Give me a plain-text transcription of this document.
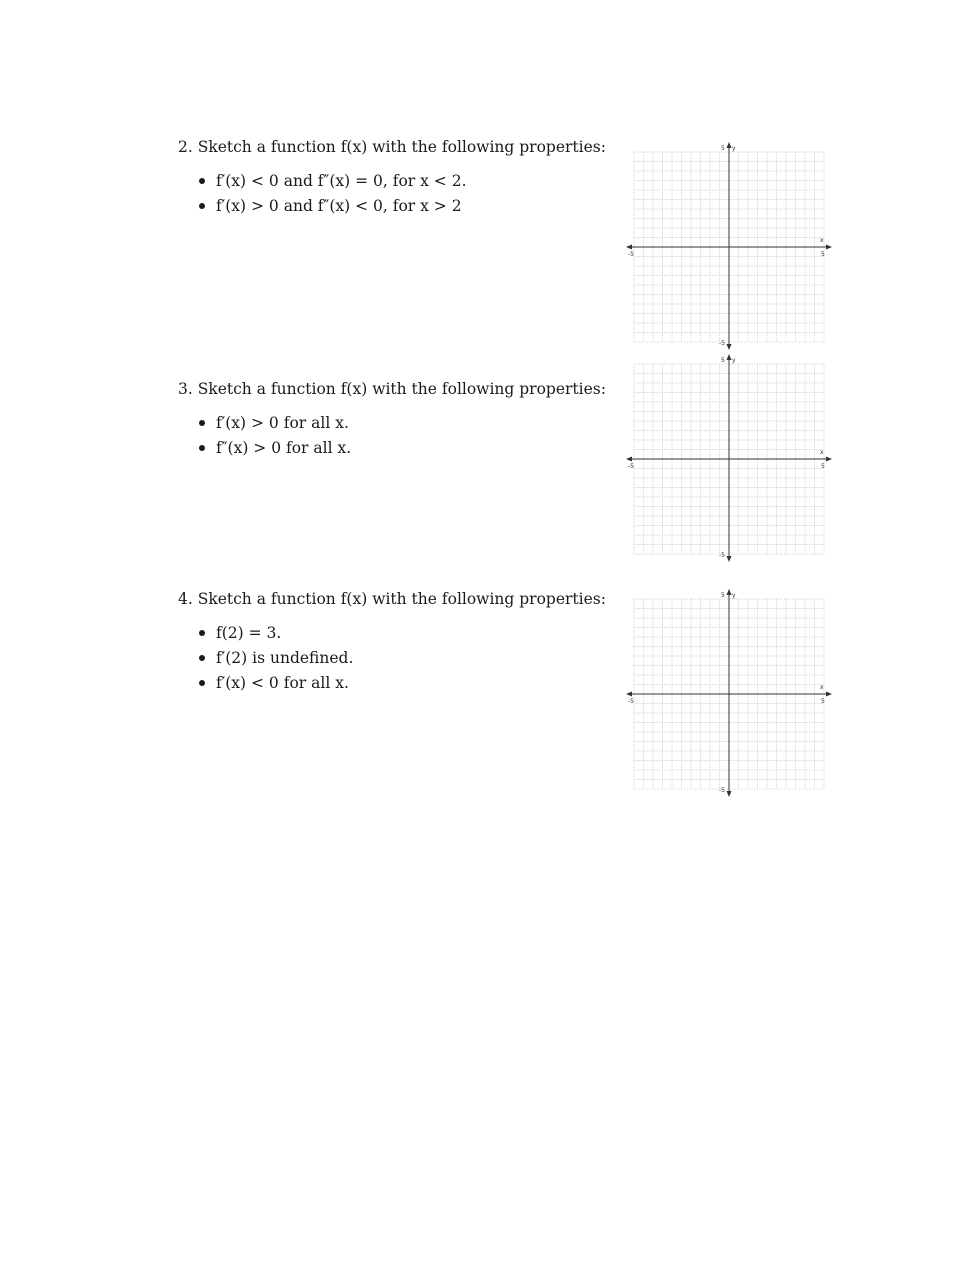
2. Sketch a function f(x) with the following properties:

f′(x) < 0 and f″(x) = 0, for x < 2.
f′(x) > 0 and f″(x) < 0, for x > 2

3. Sketch a function f(x) with the following properties:

f′(x) > 0 for all x.
f″(x) > 0 for all x.

4. Sketch a function f(x) with the following properties:

f(2) = 3.
f′(2) is undefined.
f′(x) < 0 for all x.
x
y
5
-5
-5	5
x
y
5
-5
-5	5
x
y
5
-5
-5	5
